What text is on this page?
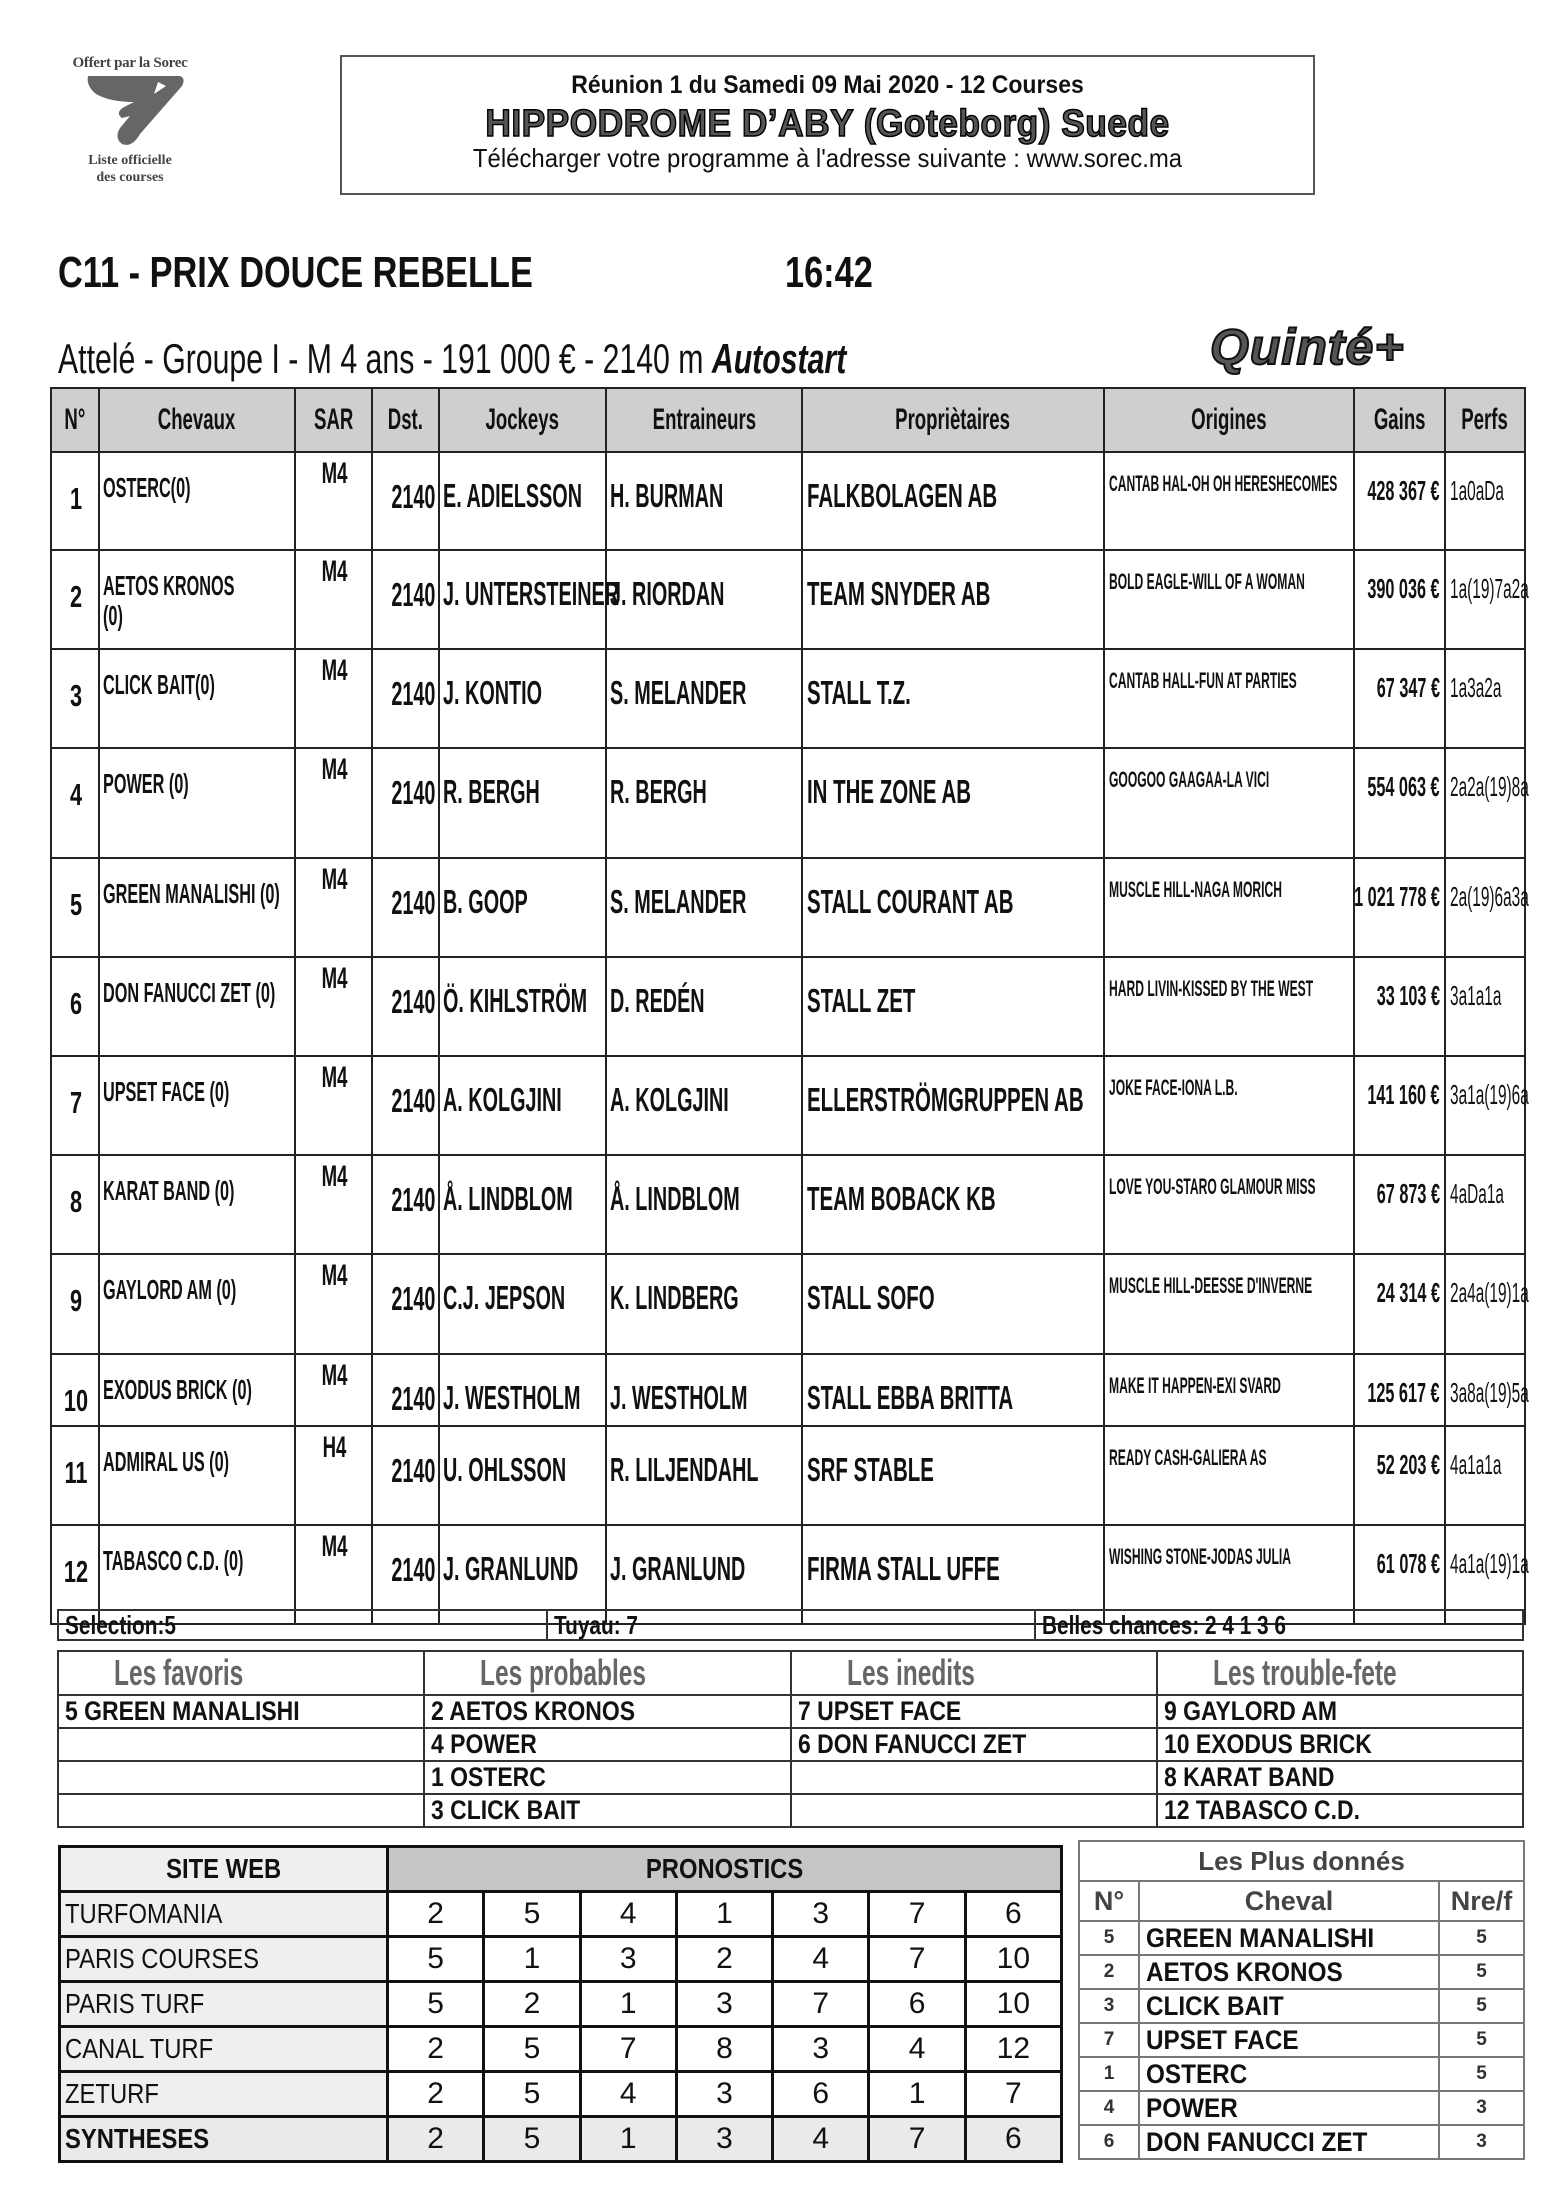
Offert par la Sorec
Liste officielle
des courses
Réunion 1 du Samedi 09 Mai 2020 - 12 Courses
HIPPODROME D’ABY (Goteborg) Suede
Télécharger votre programme à l'adresse suivante : www.sorec.ma
C11 - PRIX DOUCE REBELLE	16:42
Attelé - Groupe I - M 4 ans - 191 000 € - 2140 m Autostart	Quinté+
N°	Chevaux	SAR	Dst.	Jockeys	Entraineurs	Propriètaires	Origines	Gains	Perfs

1	OSTERC(0)	M4	2140	E. ADIELSSON	H. BURMAN	FALKBOLAGEN AB	CANTAB HAL-OH OH HERESHECOMES	428 367 €	1a0aDa

2	AETOS KRONOS (0)	M4	2140	J. UNTERSTEINER	J. RIORDAN	TEAM SNYDER AB	BOLD EAGLE-WILL OF A WOMAN	390 036 €	1a(19)7a2a

3	CLICK BAIT(0)	M4	2140	J. KONTIO	S. MELANDER	STALL T.Z.	CANTAB HALL-FUN AT PARTIES	67 347 €	1a3a2a

4	POWER (0)	M4	2140	R. BERGH	R. BERGH	IN THE ZONE AB	GOOGOO GAAGAA-LA VICI	554 063 €	2a2a(19)8a

5	GREEN MANALISHI (0)	M4	2140	B. GOOP	S. MELANDER	STALL COURANT AB	MUSCLE HILL-NAGA MORICH	1 021 778 €	2a(19)6a3a

6	DON FANUCCI ZET (0)	M4	2140	Ö. KIHLSTRÖM	D. REDÉN	STALL ZET	HARD LIVIN-KISSED BY THE WEST	33 103 €	3a1a1a

7	UPSET FACE (0)	M4	2140	A. KOLGJINI	A. KOLGJINI	ELLERSTRÖMGRUPPEN AB	JOKE FACE-IONA L.B.	141 160 €	3a1a(19)6a

8	KARAT BAND (0)	M4	2140	Å. LINDBLOM	Å. LINDBLOM	TEAM BOBACK KB	LOVE YOU-STARO GLAMOUR MISS	67 873 €	4aDa1a

9	GAYLORD AM (0)	M4	2140	C.J. JEPSON	K. LINDBERG	STALL SOFO	MUSCLE HILL-DEESSE D'INVERNE	24 314 €	2a4a(19)1a

10	EXODUS BRICK (0)	M4	2140	J. WESTHOLM	J. WESTHOLM	STALL EBBA BRITTA	MAKE IT HAPPEN-EXI SVARD	125 617 €	3a8a(19)5a

11	ADMIRAL US (0)	H4	2140	U. OHLSSON	R. LILJENDAHL	SRF STABLE	READY CASH-GALIERA AS	52 203 €	4a1a1a

12	TABASCO C.D. (0)	M4	2140	J. GRANLUND	J. GRANLUND	FIRMA STALL UFFE	WISHING STONE-JODAS JULIA	61 078 €	4a1a(19)1a
Selection:5	Tuyau: 7	Belles chances: 2 4 1 3 6
Les favoris	Les probables	Les inedits	Les trouble-fete
5 GREEN MANALISHI	2 AETOS KRONOS	7 UPSET FACE	9 GAYLORD AM
	4 POWER	6 DON FANUCCI ZET	10 EXODUS BRICK
	1 OSTERC		8 KARAT BAND
	3 CLICK BAIT		12 TABASCO C.D.
SITE WEB	PRONOSTICS						
TURFOMANIA	2	5	4	1	3	7	6
PARIS COURSES	5	1	3	2	4	7	10
PARIS TURF	5	2	1	3	7	6	10
CANAL TURF	2	5	7	8	3	4	12
ZETURF	2	5	4	3	6	1	7
SYNTHESES	2	5	1	3	4	7	6
Les Plus donnés		
N°	Cheval	Nre/f
5	GREEN MANALISHI	5
2	AETOS KRONOS	5
3	CLICK BAIT	5
7	UPSET FACE	5
1	OSTERC	5
4	POWER	3
6	DON FANUCCI ZET	3
